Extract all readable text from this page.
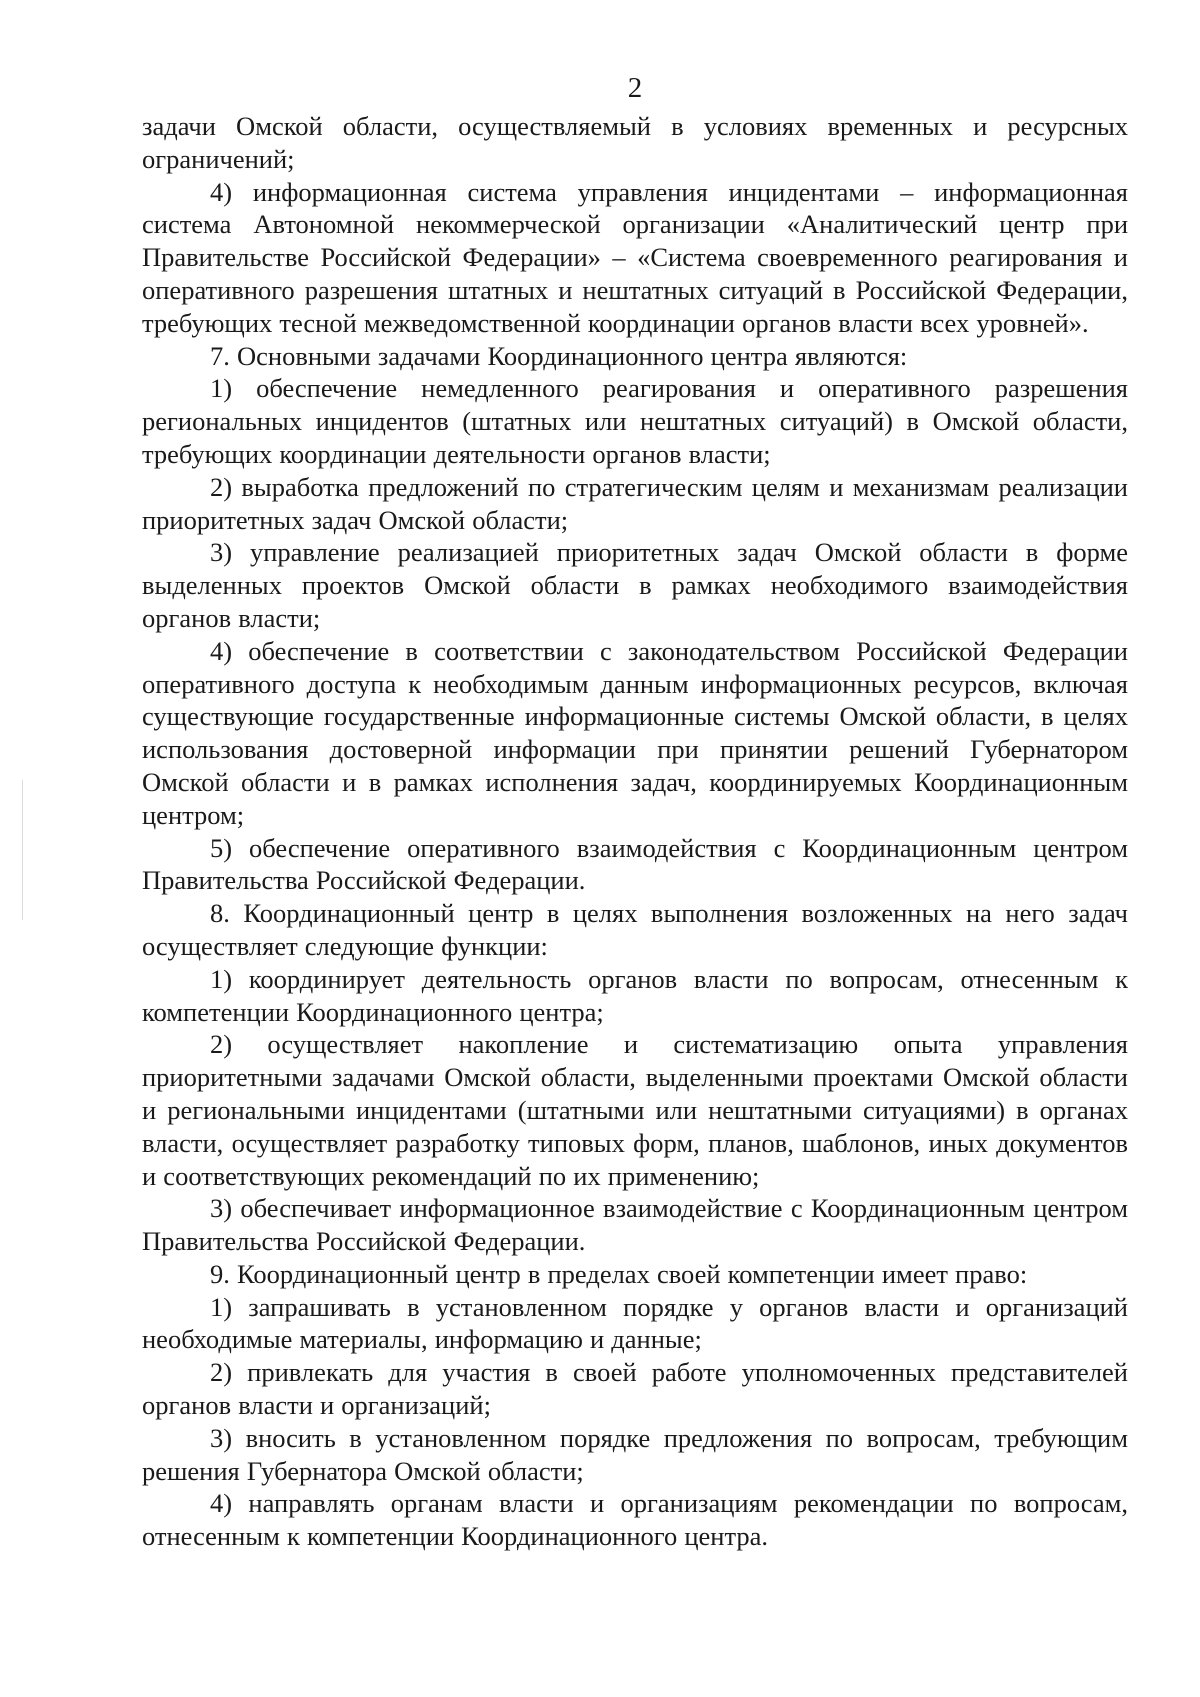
2

задачи Омской области, осуществляемый в условиях временных и ресурсных ограничений;

4) информационная система управления инцидентами – информационная система Автономной некоммерческой организации «Аналитический центр при Правительстве Российской Федерации» – «Система своевременного реагирования и оперативного разрешения штатных и нештатных ситуаций в Российской Федерации, требующих тесной межведомственной координации органов власти всех уровней».

7. Основными задачами Координационного центра являются:

1) обеспечение немедленного реагирования и оперативного разрешения региональных инцидентов (штатных или нештатных ситуаций) в Омской области, требующих координации деятельности органов власти;

2) выработка предложений по стратегическим целям и механизмам реализации приоритетных задач Омской области;

3) управление реализацией приоритетных задач Омской области в форме выделенных проектов Омской области в рамках необходимого взаимодействия органов власти;

4) обеспечение в соответствии с законодательством Российской Федерации оперативного доступа к необходимым данным информационных ресурсов, включая существующие государственные информационные системы Омской области, в целях использования достоверной информации при принятии решений Губернатором Омской области и в рамках исполнения задач, координируемых Координационным центром;

5) обеспечение оперативного взаимодействия с Координационным центром Правительства Российской Федерации.

8. Координационный центр в целях выполнения возложенных на него задач осуществляет следующие функции:

1) координирует деятельность органов власти по вопросам, отнесенным к компетенции Координационного центра;

2) осуществляет накопление и систематизацию опыта управления приоритетными задачами Омской области, выделенными проектами Омской области и региональными инцидентами (штатными или нештатными ситуациями) в органах власти, осуществляет разработку типовых форм, планов, шаблонов, иных документов и соответствующих рекомендаций по их применению;

3) обеспечивает информационное взаимодействие с Координационным центром Правительства Российской Федерации.

9. Координационный центр в пределах своей компетенции имеет право:

1) запрашивать в установленном порядке у органов власти и организаций необходимые материалы, информацию и данные;

2) привлекать для участия в своей работе уполномоченных представителей органов власти и организаций;

3) вносить в установленном порядке предложения по вопросам, требующим решения Губернатора Омской области;

4) направлять органам власти и организациям рекомендации по вопросам, отнесенным к компетенции Координационного центра.
